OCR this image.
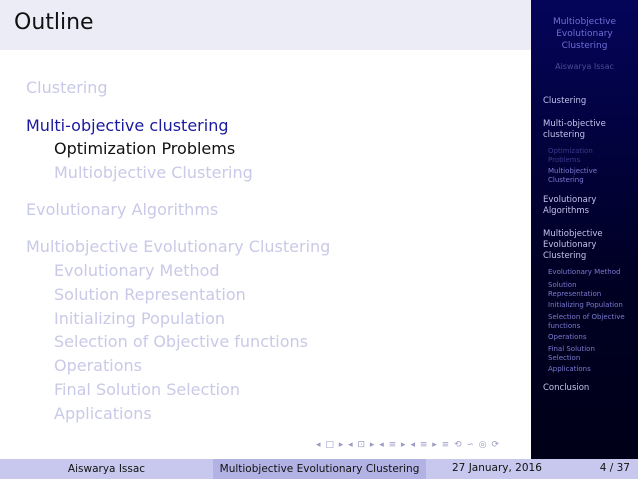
Outline
Clustering
Multi-objective clustering
Optimization Problems
Multiobjective Clustering
Evolutionary Algorithms
Multiobjective Evolutionary Clustering
Evolutionary Method
Solution Representation
Initializing Population
Selection of Objective functions
Operations
Final Solution Selection
Applications
◂ □ ▸ ◂ ⊡ ▸ ◂ ≡ ▸ ◂ ≡ ▸ ≡ ⟲ ∽ ◎ ⟳
Multiobjective
Evolutionary
Clustering
Aiswarya Issac
Clustering
Multi-objective
clustering
Optimization
Problems
Multiobjective
Clustering
Evolutionary
Algorithms
Multiobjective
Evolutionary
Clustering
Evolutionary Method
Solution
Representation
Initializing Population
Selection of Objective
functions
Operations
Final Solution
Selection
Applications
Conclusion
Aiswarya Issac	Multiobjective Evolutionary Clustering	27 January, 2016	4 / 37
